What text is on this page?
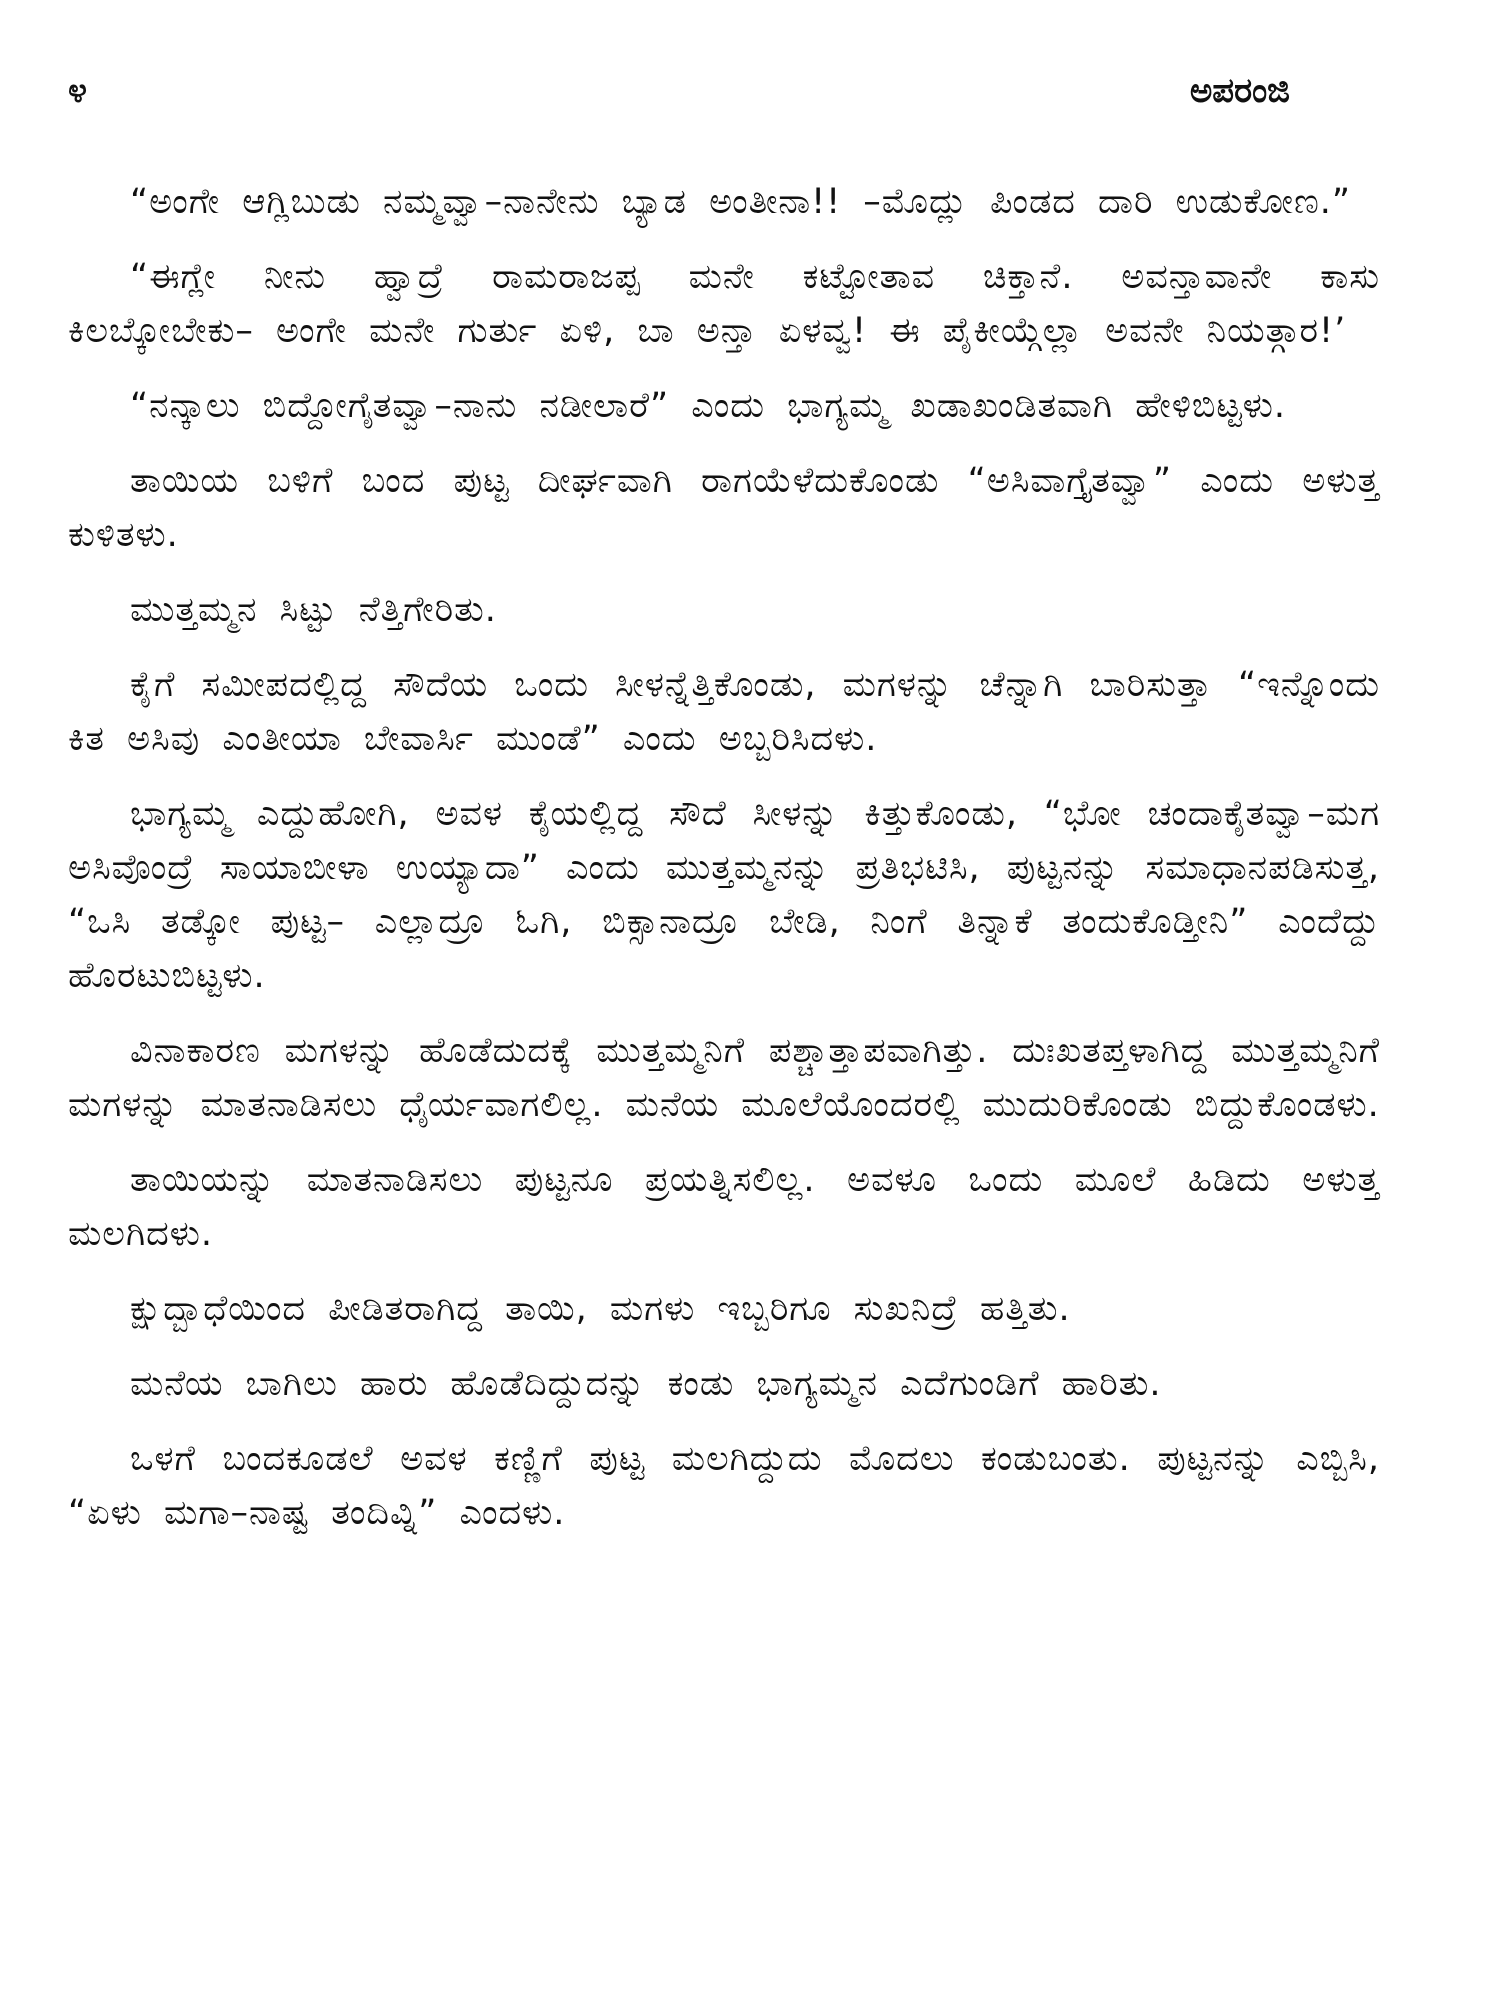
೪	ಅಪರಂಜಿ

“ಅಂಗೇ ಆಗ್ಲಿಬುಡು ನಮ್ಮವ್ವಾ–ನಾನೇನು ಬ್ಯಾಡ ಅಂತೀನಾ!! –ಮೊದ್ಲು ಪಿಂಡದ ದಾರಿ ಉಡುಕೋಣ.”

“ಈಗ್ಲೇ ನೀನು ಹ್ವಾದ್ರೆ ರಾಮರಾಜಪ್ಪ ಮನೇ ಕಟ್ಟೋತಾವ ಚಿಕ್ತಾನೆ. ಅವನ್ತಾವಾನೇ ಕಾಸು ಕಿಲಬ್ಕೋಬೇಕು– ಅಂಗೇ ಮನೇ ಗುರ್ತು ಏಳಿ, ಬಾ ಅನ್ತಾ ಏಳವ್ವ! ಈ ಪೈಕೀಯ್ಗೆಲ್ಲಾ ಅವನೇ ನಿಯತ್ಗಾರ!’

“ನನ್ಕಾಲು ಬಿದ್ದೋಗೈತವ್ವಾ–ನಾನು ನಡೀಲಾರೆ” ಎಂದು ಭಾಗ್ಯಮ್ಮ ಖಡಾಖಂಡಿತವಾಗಿ ಹೇಳಿಬಿಟ್ಟಳು.

ತಾಯಿಯ ಬಳಿಗೆ ಬಂದ ಪುಟ್ಟ ದೀರ್ಘವಾಗಿ ರಾಗಯೆಳೆದುಕೊಂಡು “ಅಸಿವಾಗ್ತೈತವ್ವಾ” ಎಂದು ಅಳುತ್ತ ಕುಳಿತಳು.

ಮುತ್ತಮ್ಮನ ಸಿಟ್ಟು ನೆತ್ತಿಗೇರಿತು.

ಕೈಗೆ ಸಮೀಪದಲ್ಲಿದ್ದ ಸೌದೆಯ ಒಂದು ಸೀಳನ್ನೆತ್ತಿಕೊಂಡು, ಮಗಳನ್ನು ಚೆನ್ನಾಗಿ ಬಾರಿಸುತ್ತಾ “ಇನ್ನೊಂದು ಕಿತ ಅಸಿವು ಎಂತೀಯಾ ಬೇವಾರ್ಸಿ ಮುಂಡೆ” ಎಂದು ಅಬ್ಬರಿಸಿದಳು.

ಭಾಗ್ಯಮ್ಮ ಎದ್ದುಹೋಗಿ, ಅವಳ ಕೈಯಲ್ಲಿದ್ದ ಸೌದೆ ಸೀಳನ್ನು ಕಿತ್ತುಕೊಂಡು, “ಭೋ ಚಂದಾಕೈತವ್ವಾ–ಮಗ ಅಸಿವೊಂದ್ರೆ ಸಾಯಾಬೀಳಾ ಉಯ್ಯಾದಾ” ಎಂದು ಮುತ್ತಮ್ಮನನ್ನು ಪ್ರತಿಭಟಿಸಿ, ಪುಟ್ಟನನ್ನು ಸಮಾಧಾನಪಡಿಸುತ್ತ, “ಒಸಿ ತಡ್ಕೋ ಪುಟ್ಟ– ಎಲ್ಲಾದ್ರೂ ಓಗಿ, ಬಿಕ್ಸಾನಾದ್ರೂ ಬೇಡಿ, ನಿಂಗೆ ತಿನ್ನಾಕೆ ತಂದುಕೊಡ್ತೀನಿ” ಎಂದೆದ್ದು ಹೊರಟುಬಿಟ್ಟಳು.

ವಿನಾಕಾರಣ ಮಗಳನ್ನು ಹೊಡೆದುದಕ್ಕೆ ಮುತ್ತಮ್ಮನಿಗೆ ಪಶ್ಚಾತ್ತಾಪವಾಗಿತ್ತು. ದುಃಖತಪ್ತಳಾಗಿದ್ದ ಮುತ್ತಮ್ಮನಿಗೆ ಮಗಳನ್ನು ಮಾತನಾಡಿಸಲು ಧೈರ್ಯವಾಗಲಿಲ್ಲ. ಮನೆಯ ಮೂಲೆಯೊಂದರಲ್ಲಿ ಮುದುರಿಕೊಂಡು ಬಿದ್ದುಕೊಂಡಳು.

ತಾಯಿಯನ್ನು ಮಾತನಾಡಿಸಲು ಪುಟ್ಟನೂ ಪ್ರಯತ್ನಿಸಲಿಲ್ಲ. ಅವಳೂ ಒಂದು ಮೂಲೆ ಹಿಡಿದು ಅಳುತ್ತ ಮಲಗಿದಳು.

ಕ್ಷುದ್ಬಾಧೆಯಿಂದ ಪೀಡಿತರಾಗಿದ್ದ ತಾಯಿ, ಮಗಳು ಇಬ್ಬರಿಗೂ ಸುಖನಿದ್ರೆ ಹತ್ತಿತು.

ಮನೆಯ ಬಾಗಿಲು ಹಾರು ಹೊಡೆದಿದ್ದುದನ್ನು ಕಂಡು ಭಾಗ್ಯಮ್ಮನ ಎದೆಗುಂಡಿಗೆ ಹಾರಿತು.

ಒಳಗೆ ಬಂದಕೂಡಲೆ ಅವಳ ಕಣ್ಣಿಗೆ ಪುಟ್ಟ ಮಲಗಿದ್ದುದು ಮೊದಲು ಕಂಡುಬಂತು. ಪುಟ್ಟನನ್ನು ಎಬ್ಬಿಸಿ, “ಏಳು ಮಗಾ–ನಾಷ್ಟ ತಂದಿವ್ನಿ” ಎಂದಳು.
